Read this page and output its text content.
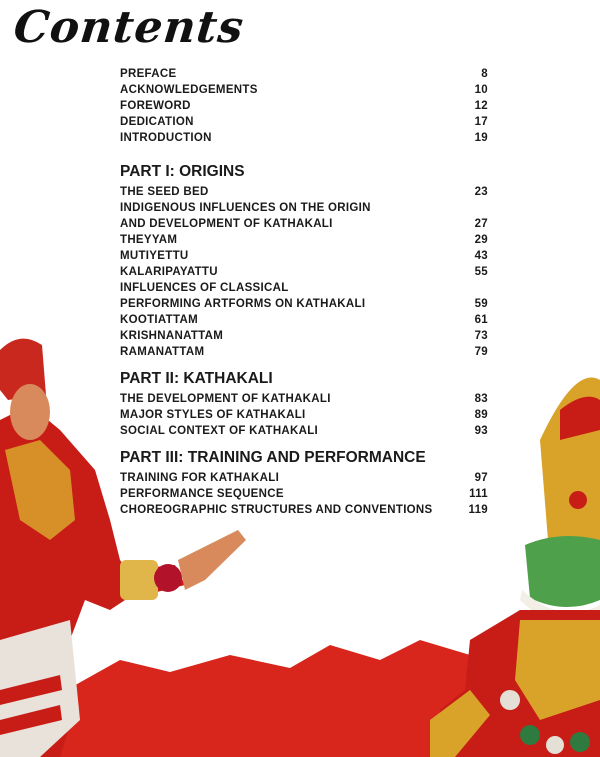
Contents
PREFACE	8
ACKNOWLEDGEMENTS	10
FOREWORD	12
DEDICATION	17
INTRODUCTION	19
PART I: ORIGINS
THE SEED BED	23
INDIGENOUS INFLUENCES ON THE ORIGIN
AND DEVELOPMENT OF KATHAKALI	27
THEYYAM	29
MUTIYETTU	43
KALARIPAYATTU	55
INFLUENCES OF CLASSICAL
PERFORMING ARTFORMS ON KATHAKALI	59
KOOTIATTAM	61
KRISHNANATTAM	73
RAMANATTAM	79
PART II: KATHAKALI
THE DEVELOPMENT OF KATHAKALI	83
MAJOR STYLES OF KATHAKALI	89
SOCIAL CONTEXT OF KATHAKALI	93
PART III: TRAINING AND PERFORMANCE
TRAINING FOR KATHAKALI	97
PERFORMANCE SEQUENCE	111
CHOREOGRAPHIC STRUCTURES AND CONVENTIONS	119
